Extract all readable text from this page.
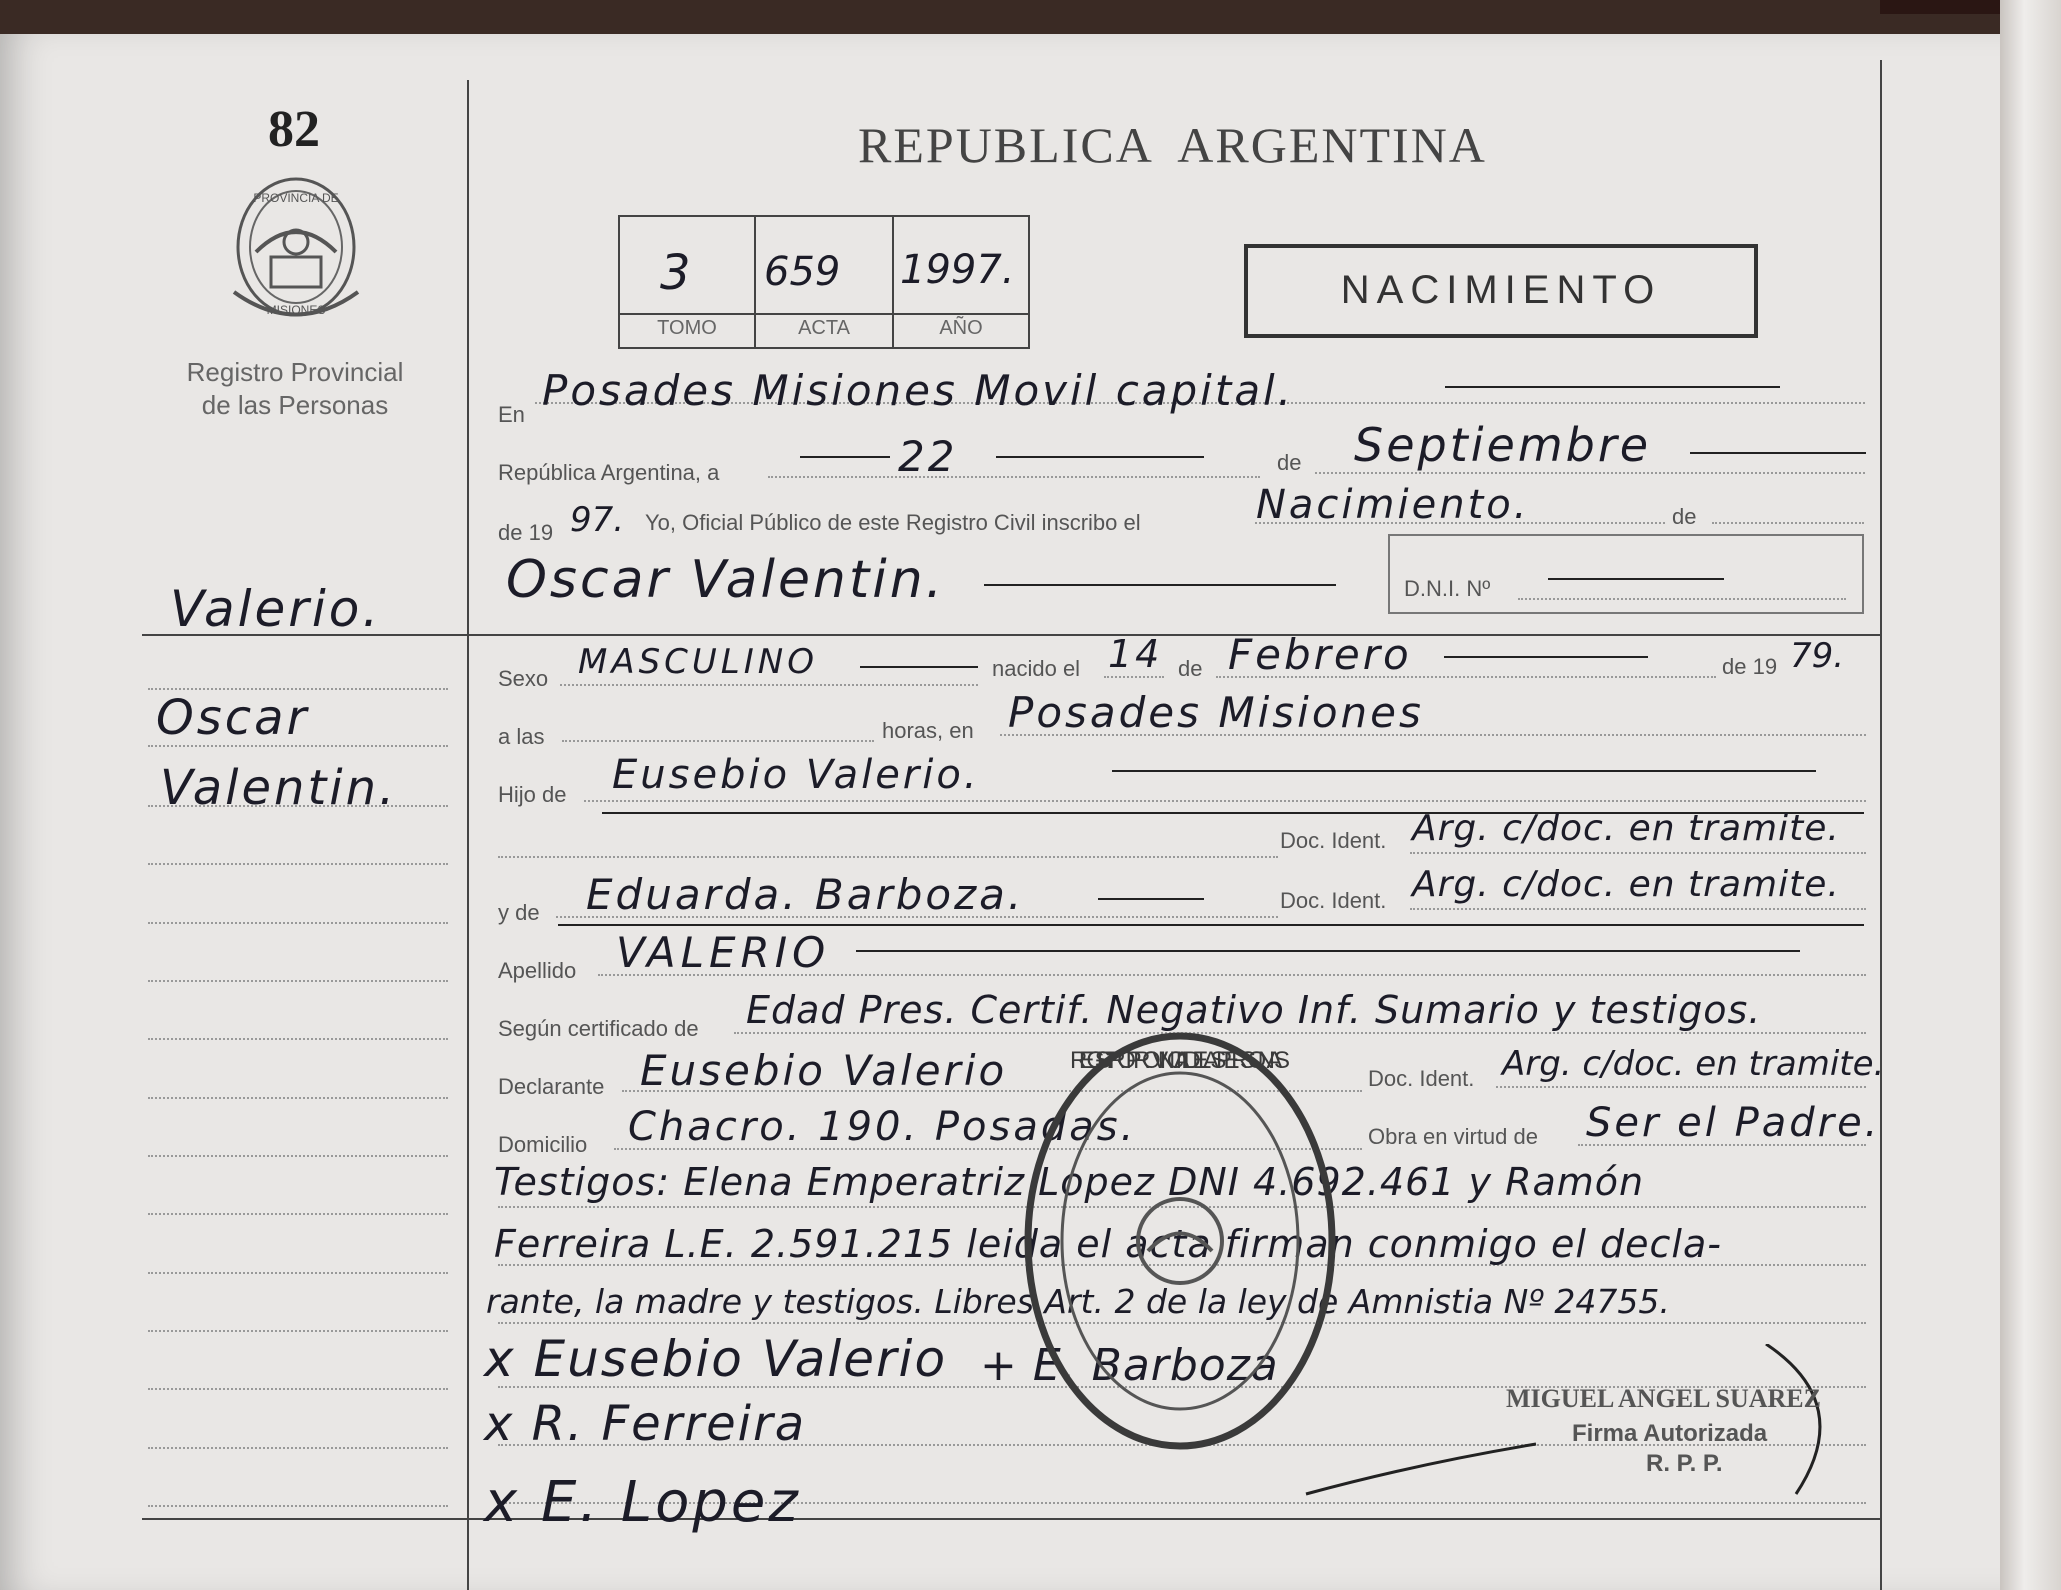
82
PROVINCIA DE
MISIONES
Registro Provincial
de las Personas
Valerio.
Oscar
Valentin.
REPUBLICA  ARGENTINA
3 659 1997.
TOMO	ACTA	AÑO
NACIMIENTO
En Posades Misiones Movil capital.
República Argentina, a	22	de Septiembre
de 19 97. Yo, Oficial Público de este Registro Civil inscribo el	Nacimiento.	de
Oscar Valentin.	D.N.I. Nº
Sexo MASCULINO	nacido el 14 de Febrero	de 19 79.
a las	horas, en Posades Misiones
Hijo de Eusebio Valerio.
Doc. Ident. Arg. c/doc. en tramite.
y de Eduarda. Barboza.	Doc. Ident. Arg. c/doc. en tramite.
Apellido VALERIO
Según certificado de Edad Pres. Certif. Negativo Inf. Sumario y testigos.
Declarante Eusebio Valerio	Doc. Ident. Arg. c/doc. en tramite.
Domicilio Chacro. 190. Posadas.	Obra en virtud de Ser el Padre.
Testigos: Elena Emperatriz Lopez DNI 4.692.461 y Ramón
Ferreira L.E. 2.591.215 leida el acta firman conmigo el decla-
rante, la madre y testigos. Libres Art. 2 de la ley de Amnistia Nº 24755.
x Eusebio Valerio + E. Barboza
x R. Ferreira
x E. Lopez
REGISTRO PROVINCIAL DE LAS PERSONAS
MIGUEL ANGEL SUAREZ
Firma Autorizada
R. P. P.
